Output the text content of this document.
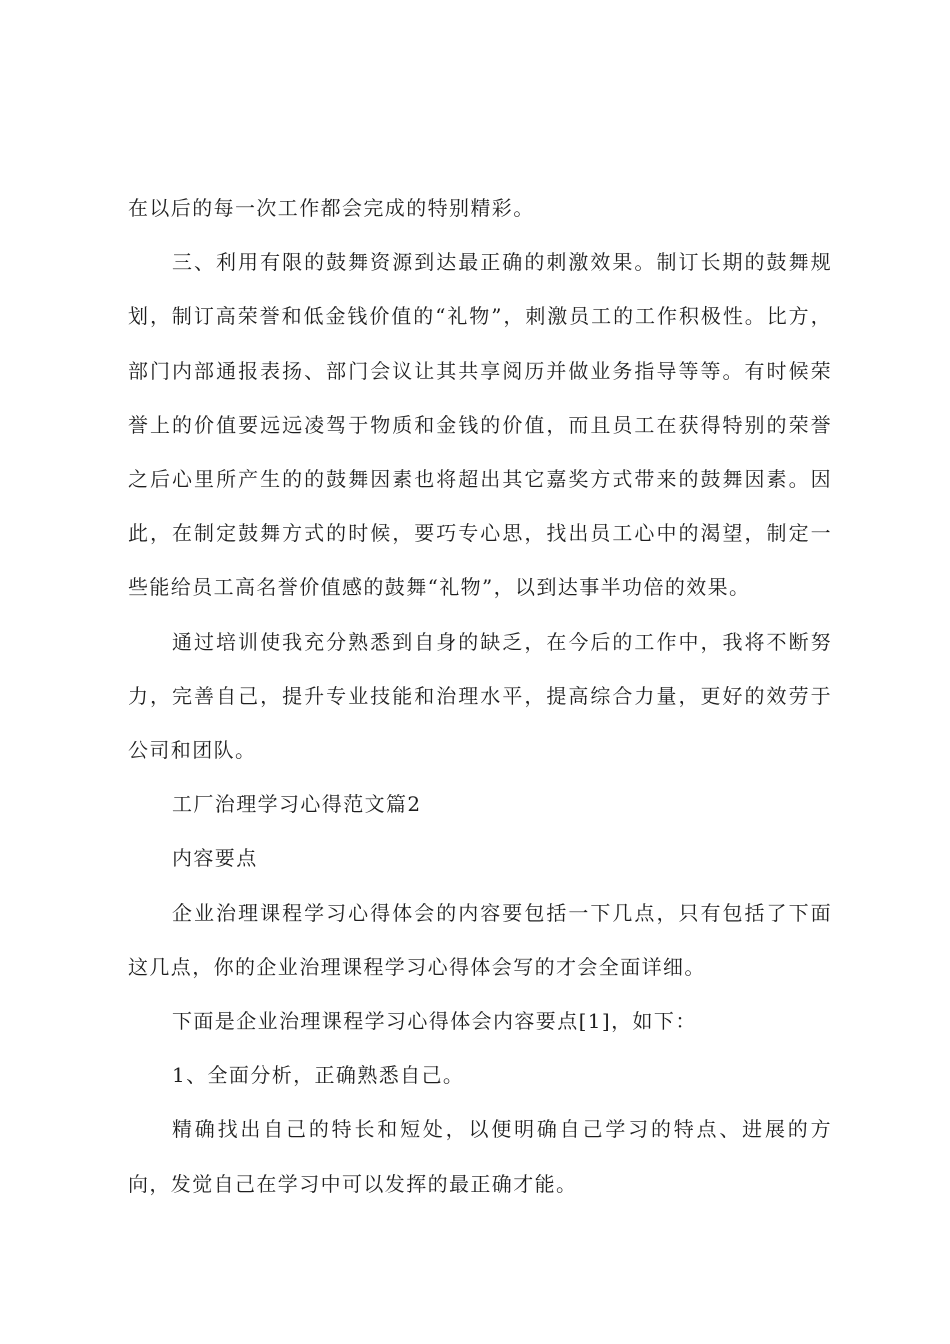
在以后的每一次工作都会完成的特别精彩。

三、利用有限的鼓舞资源到达最正确的刺激效果。制订长期的鼓舞规划，制订高荣誉和低金钱价值的“礼物”，刺激员工的工作积极性。比方，部门内部通报表扬、部门会议让其共享阅历并做业务指导等等。有时候荣誉上的价值要远远凌驾于物质和金钱的价值，而且员工在获得特别的荣誉之后心里所产生的的鼓舞因素也将超出其它嘉奖方式带来的鼓舞因素。因此，在制定鼓舞方式的时候，要巧专心思，找出员工心中的渴望，制定一些能给员工高名誉价值感的鼓舞“礼物”，以到达事半功倍的效果。

通过培训使我充分熟悉到自身的缺乏，在今后的工作中，我将不断努力，完善自己，提升专业技能和治理水平，提高综合力量，更好的效劳于公司和团队。

工厂治理学习心得范文篇2

内容要点

企业治理课程学习心得体会的内容要包括一下几点，只有包括了下面这几点，你的企业治理课程学习心得体会写的才会全面详细。

下面是企业治理课程学习心得体会内容要点[1]，如下：

1、全面分析，正确熟悉自己。

精确找出自己的特长和短处，以便明确自己学习的特点、进展的方向，发觉自己在学习中可以发挥的最正确才能。
